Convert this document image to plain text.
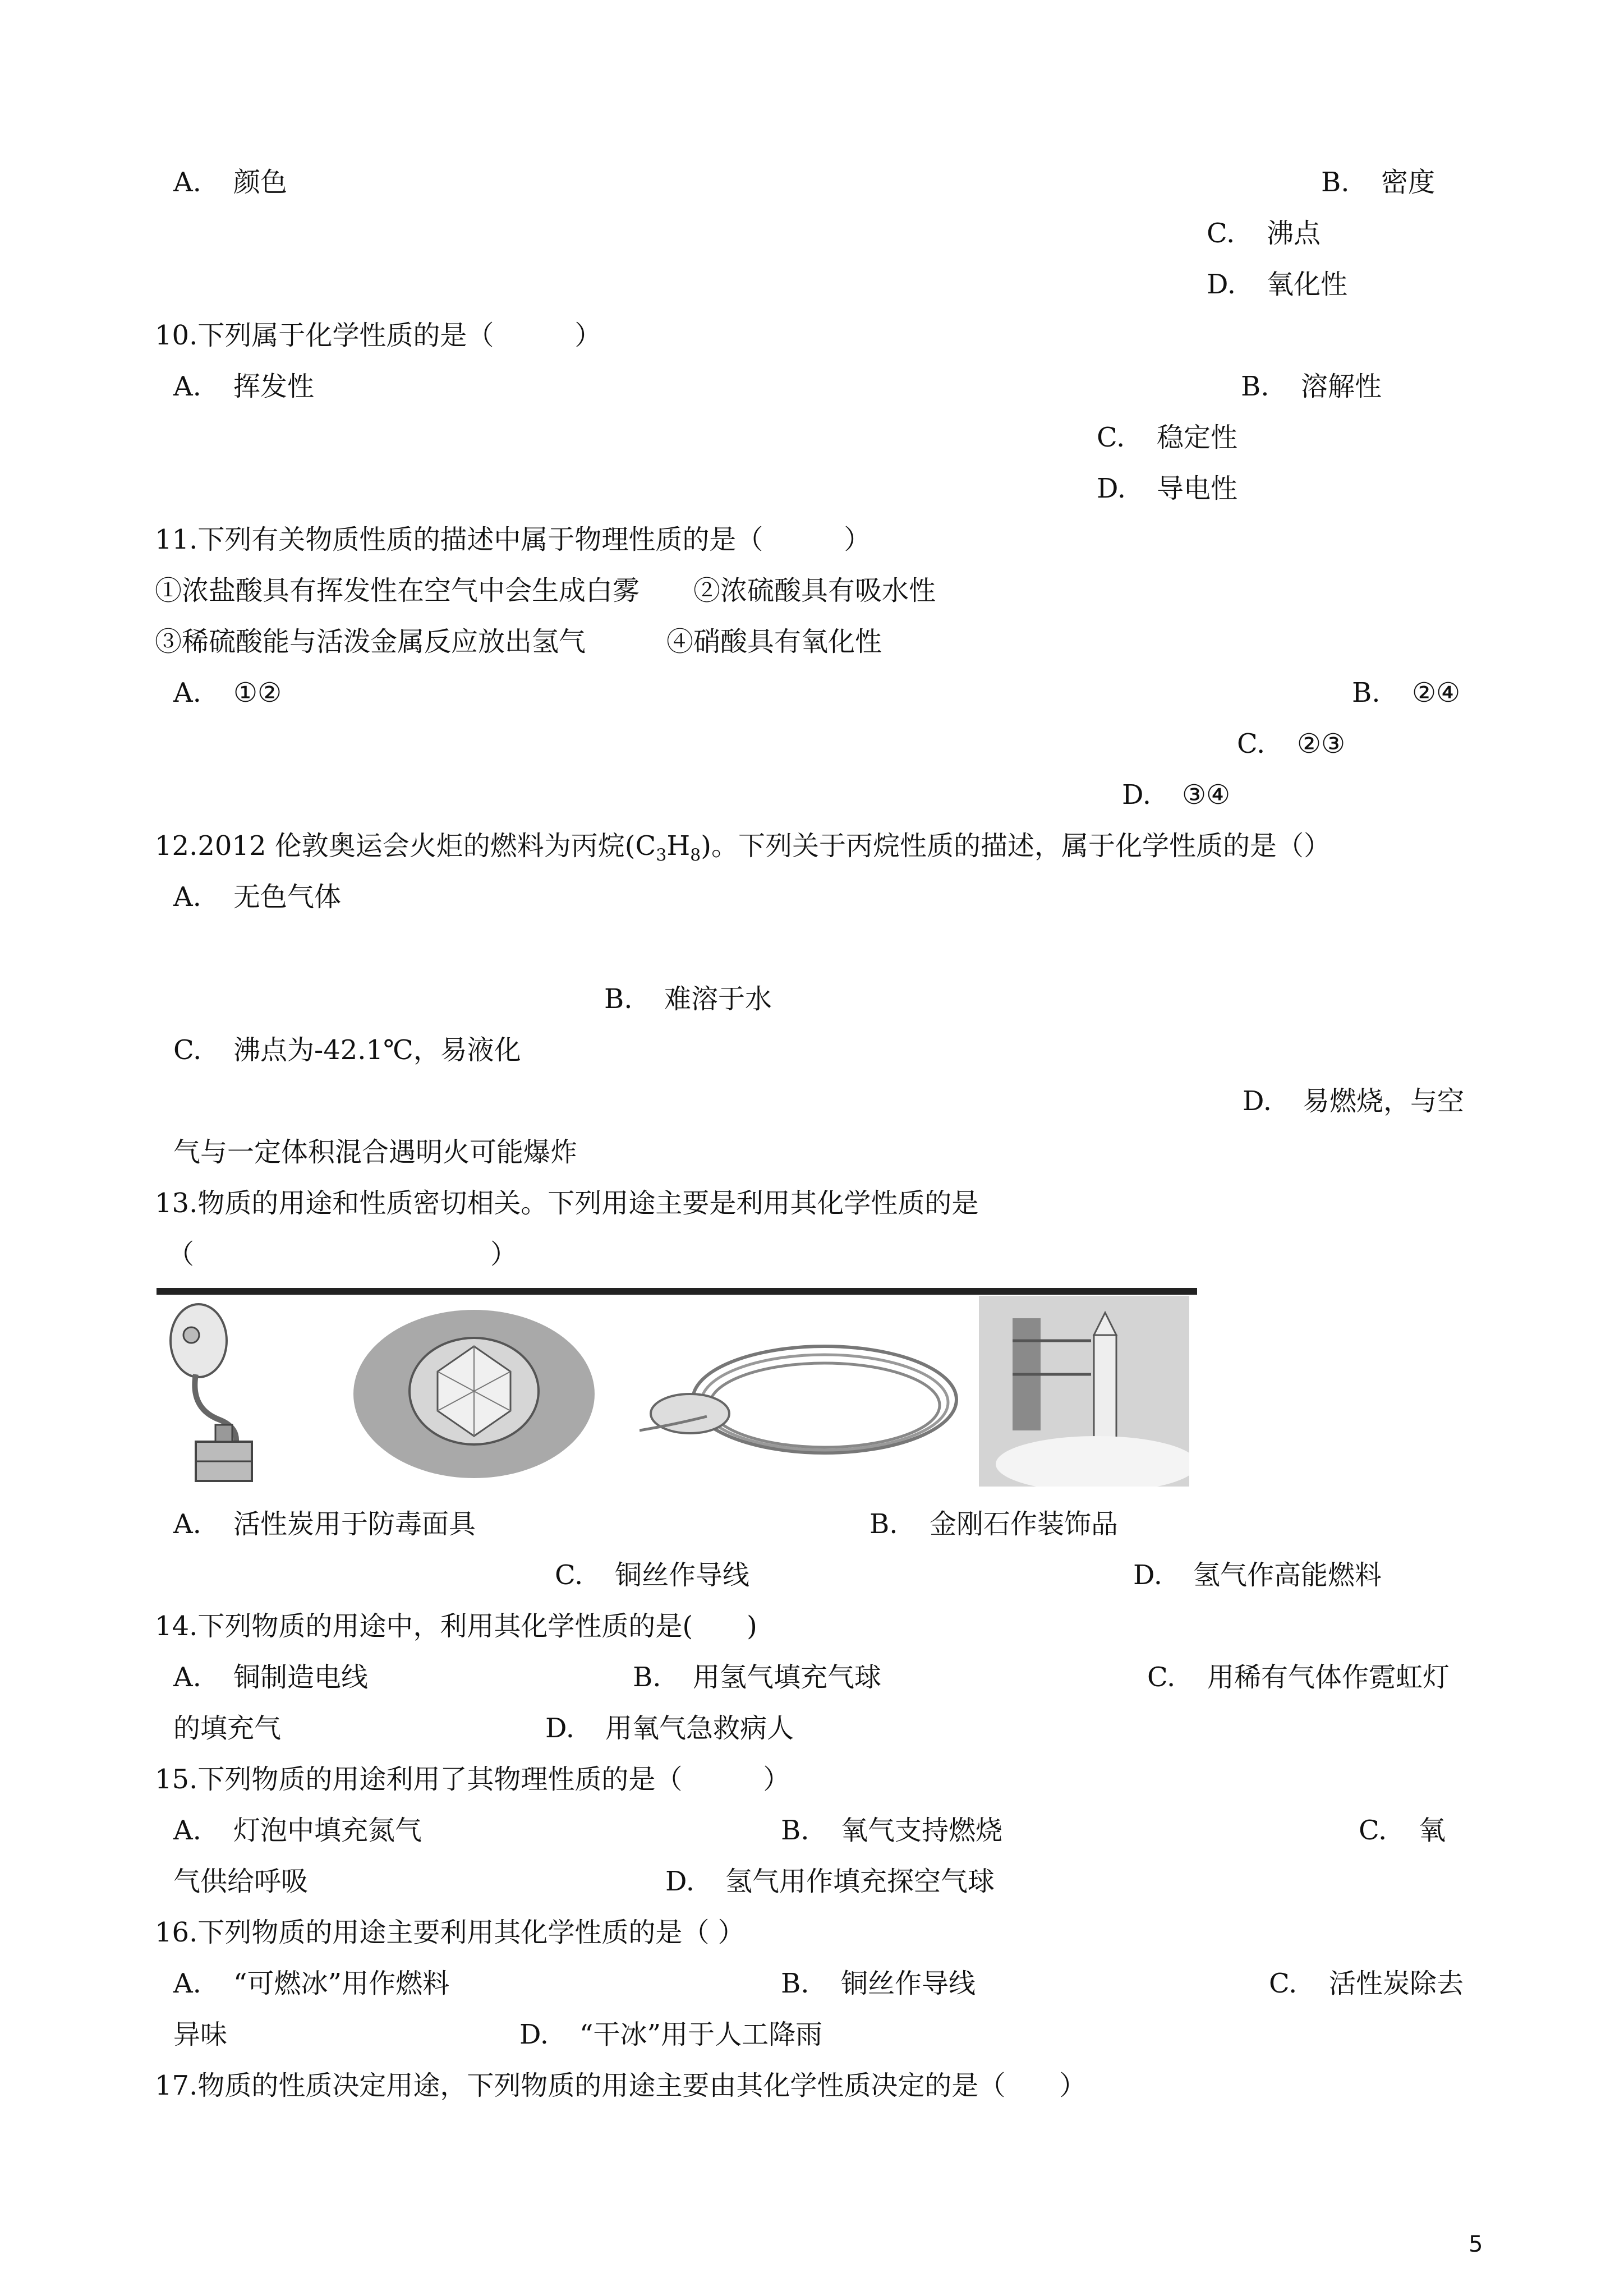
A. 颜色	B. 密度
C. 沸点
D. 氧化性
10.下列属于化学性质的是（　　　）
A. 挥发性	B. 溶解性
C. 稳定性
D. 导电性
11.下列有关物质性质的描述中属于物理性质的是（　　　）
①浓盐酸具有挥发性在空气中会生成白雾　　②浓硫酸具有吸水性
③稀硫酸能与活泼金属反应放出氢气　　　④硝酸具有氧化性
A. ①②	B. ②④
C. ②③
D. ③④
12.2012 伦敦奥运会火炬的燃料为丙烷$(C_3H_8)$。下列关于丙烷性质的描述，属于化学性质的是（）
A. 无色气体
B. 难溶于水
C. 沸点为-42.1℃，易液化
D. 易燃烧，与空
气与一定体积混合遇明火可能爆炸
13.物质的用途和性质密切相关。下列用途主要是利用其化学性质的是
（　　　　　　　　　　　）
A. 活性炭用于防毒面具	B. 金刚石作装饰品
C. 铜丝作导线	D. 氢气作高能燃料
14.下列物质的用途中，利用其化学性质的是(　　)
A. 铜制造电线	B. 用氢气填充气球	C. 用稀有气体作霓虹灯
的填充气	D. 用氧气急救病人
15.下列物质的用途利用了其物理性质的是（　　　）
A. 灯泡中填充氮气	B. 氧气支持燃烧	C. 氧
气供给呼吸	D. 氢气用作填充探空气球
16.下列物质的用途主要利用其化学性质的是（ ）
A. “可燃冰”用作燃料	B. 铜丝作导线	C. 活性炭除去
异味	D. “干冰”用于人工降雨
17.物质的性质决定用途，下列物质的用途主要由其化学性质决定的是（　　）
5
